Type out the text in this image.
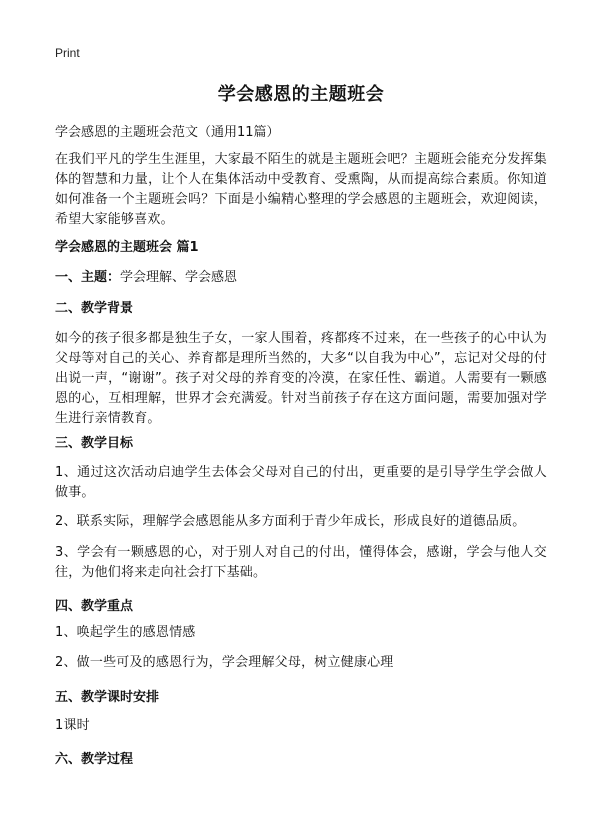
Print
学会感恩的主题班会
学会感恩的主题班会范文（通用11篇）
在我们平凡的学生生涯里，大家最不陌生的就是主题班会吧？主题班会能充分发挥集体的智慧和力量，让个人在集体活动中受教育、受熏陶，从而提高综合素质。你知道如何准备一个主题班会吗？下面是小编精心整理的学会感恩的主题班会，欢迎阅读，希望大家能够喜欢。
学会感恩的主题班会 篇1
一、主题：学会理解、学会感恩
二、教学背景
如今的孩子很多都是独生子女，一家人围着，疼都疼不过来，在一些孩子的心中认为父母等对自己的关心、养育都是理所当然的，大多“以自我为中心”，忘记对父母的付出说一声，“谢谢”。孩子对父母的养育变的冷漠，在家任性、霸道。人需要有一颗感恩的心，互相理解，世界才会充满爱。针对当前孩子存在这方面问题，需要加强对学生进行亲情教育。
三、教学目标
1、通过这次活动启迪学生去体会父母对自己的付出，更重要的是引导学生学会做人做事。
2、联系实际，理解学会感恩能从多方面利于青少年成长，形成良好的道德品质。
3、学会有一颗感恩的心，对于别人对自己的付出，懂得体会，感谢，学会与他人交往，为他们将来走向社会打下基础。
四、教学重点
1、唤起学生的感恩情感
2、做一些可及的感恩行为，学会理解父母，树立健康心理
五、教学课时安排
1课时
六、教学过程
